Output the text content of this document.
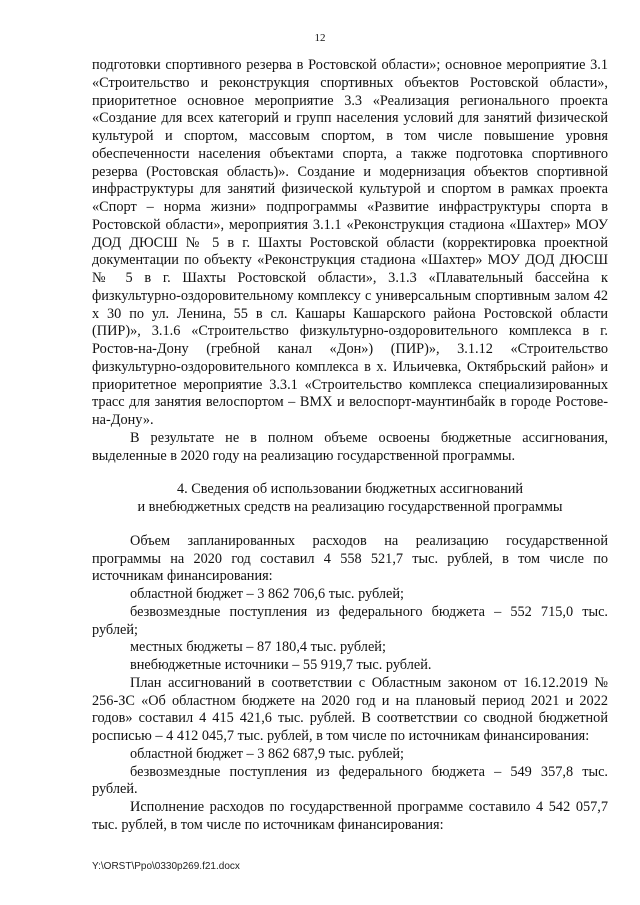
12

подготовки спортивного резерва в Ростовской области»; основное мероприятие 3.1 «Строительство и реконструкция спортивных объектов Ростовской области», приоритетное основное мероприятие 3.3 «Реализация регионального проекта «Создание для всех категорий и групп населения условий для занятий физической культурой и спортом, массовым спортом, в том числе повышение уровня обеспеченности населения объектами спорта, а также подготовка спортивного резерва (Ростовская область)». Создание и модернизация объектов спортивной инфраструктуры для занятий физической культурой и спортом в рамках проекта «Спорт – норма жизни» подпрограммы «Развитие инфраструктуры спорта в Ростовской области», мероприятия 3.1.1 «Реконструкция стадиона «Шахтер» МОУ ДОД ДЮСШ № 5 в г. Шахты Ростовской области (корректировка проектной документации по объекту «Реконструкция стадиона «Шахтер» МОУ ДОД ДЮСШ № 5 в г. Шахты Ростовской области», 3.1.3 «Плавательный бассейна к физкультурно-оздоровительному комплексу с универсальным спортивным залом 42 х 30 по ул. Ленина, 55 в сл. Кашары Кашарского района Ростовской области (ПИР)», 3.1.6 «Строительство физкультурно-оздоровительного комплекса в г. Ростов-на-Дону (гребной канал «Дон») (ПИР)», 3.1.12 «Строительство физкультурно-оздоровительного комплекса в х. Ильичевка, Октябрьский район» и приоритетное мероприятие 3.3.1 «Строительство комплекса специализированных трасс для занятия велоспортом – ВМХ и велоспорт-маунтинбайк в городе Ростове-на-Дону».

В результате не в полном объеме освоены бюджетные ассигнования, выделенные в 2020 году на реализацию государственной программы.

4. Сведения об использовании бюджетных ассигнований
и внебюджетных средств на реализацию государственной программы

Объем запланированных расходов на реализацию государственной программы на 2020 год составил 4 558 521,7 тыс. рублей, в том числе по источникам финансирования:

областной бюджет – 3 862 706,6 тыс. рублей;

безвозмездные поступления из федерального бюджета – 552 715,0 тыс. рублей;

местных бюджеты – 87 180,4 тыс. рублей;

внебюджетные источники – 55 919,7 тыс. рублей.

План ассигнований в соответствии с Областным законом от 16.12.2019 № 256-ЗС «Об областном бюджете на 2020 год и на плановый период 2021 и 2022 годов» составил 4 415 421,6 тыс. рублей. В соответствии со сводной бюджетной росписью – 4 412 045,7 тыс. рублей, в том числе по источникам финансирования:

областной бюджет – 3 862 687,9 тыс. рублей;

безвозмездные поступления из федерального бюджета – 549 357,8 тыс. рублей.

Исполнение расходов по государственной программе составило 4 542 057,7 тыс. рублей, в том числе по источникам финансирования:

Y:\ORST\Ppo\0330p269.f21.docx
